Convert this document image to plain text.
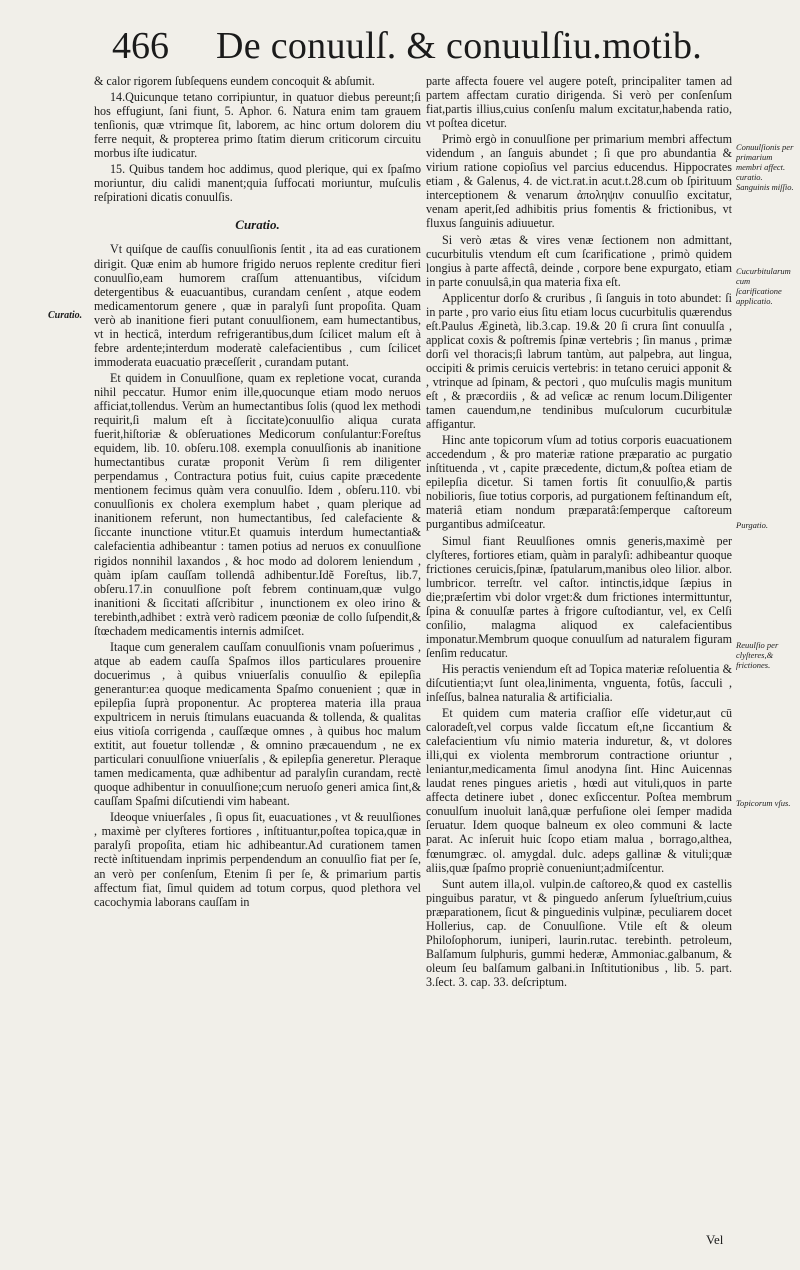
466 De conuulſ. & conuulſiu.motib.

& calor rigorem ſubſequens eundem concoquit & abſumit.

14.Quicunque tetano corripiuntur, in quatuor diebus pereunt;ſi hos effugiunt, ſani fiunt, 5. Aphor. 6. Natura enim tam grauem tenſionis, quæ vtrimque ſit, laborem, ac hinc ortum dolorem diu ferre nequit, & propterea primo ſtatim dierum criticorum circuitu morbus iſte iudicatur.

15. Quibus tandem hoc addimus, quod plerique, qui ex ſpaſmo moriuntur, diu calidi manent;quia ſuffocati moriuntur, muſculis reſpirationi dicatis conuulſis.

Curatio.

Vt quiſque de cauſſis conuulſionis ſentit , ita ad eas curationem dirigit. Quæ enim ab humore frigido neruos replente creditur fieri conuulſio,eam humorem craſſum attenuantibus, viſcidum detergentibus & euacuantibus, curandam cenſent , atque eodem medicamentorum genere , quæ in paralyſi ſunt propoſita. Quam verò ab inanitione fieri putant conuulſionem, eam humectantibus, vt in hecticâ, interdum refrigerantibus,dum ſcilicet malum eſt à febre ardente;interdum moderatè calefacientibus , cum ſcilicet immoderata euacuatio præceſſerit , curandam putant.

Et quidem in Conuulſione, quam ex repletione vocat, curanda nihil peccatur. Humor enim ille,quocunque etiam modo neruos afficiat,tollendus. Verùm an humectantibus ſolis (quod lex methodi requirit,ſi malum eſt à ſiccitate)conuulſio aliqua curata fuerit,hiſtoriæ & obſeruationes Medicorum conſulantur:Foreſtus equidem, lib. 10. obſeru.108. exempla conuulſionis ab inanitione humectantibus curatæ proponit Verùm ſi rem diligenter perpendamus , Contractura potius fuit, cuius capite præcedente mentionem fecimus quàm vera conuulſio. Idem , obſeru.110. vbi conuulſionis ex cholera exemplum habet , quam plerique ad inanitionem referunt, non humectantibus, ſed calefaciente & ſiccante inunctione vtitur.Et quamuis interdum humectantia& calefacientia adhibeantur : tamen potius ad neruos ex conuulſione rigidos nonnihil laxandos , & hoc modo ad dolorem leniendum , quàm ipſam cauſſam tollendâ adhibentur.Idẽ Foreſtus, lib.7, obſeru.17.in conuulſione poſt febrem continuam,quæ vulgo inanitioni & ſiccitati aſſcribitur , inunctionem ex oleo irino & terebinth,adhibet : extrà verò radicem pœoniæ de collo ſuſpendit,& ſtœchadem medicamentis internis admiſcet.

Itaque cum generalem cauſſam conuulſionis vnam poſuerimus , atque ab eadem cauſſa Spaſmos illos particulares prouenire docuerimus , à quibus vniuerſalis conuulſio & epilepſia generantur:ea quoque medicamenta Spaſmo conuenient ; quæ in epilepſia ſuprà proponentur. Ac propterea materia illa praua expultricem in neruis ſtimulans euacuanda & tollenda, & qualitas eius vitioſa corrigenda , cauſſæque omnes , à quibus hoc malum extitit, aut fouetur tollendæ , & omnino præcauendum , ne ex particulari conuulſione vniuerſalis , & epilepſia generetur. Pleraque tamen medicamenta, quæ adhibentur ad paralyſin curandam, rectè quoque adhibentur in conuulſione;cum neruoſo generi amica ſint,& cauſſam Spaſmi diſcutiendi vim habeant.

Ideoque vniuerſales , ſi opus ſit, euacuationes , vt & reuulſiones , maximè per clyſteres fortiores , inſtituantur,poſtea topica,quæ in paralyſi propoſita, etiam hic adhibeantur.Ad curationem tamen rectè inſtituendam inprimis perpendendum an conuulſio fiat per ſe, an verò per conſenſum, Etenim ſi per ſe, & primarium partis affectum fiat, ſimul quidem ad totum corpus, quod plethora vel cacochymia laborans cauſſam in

Curatio.

parte affecta fouere vel augere poteſt, principaliter tamen ad partem affectam curatio dirigenda. Si verò per conſenſum fiat,partis illius,cuius conſenſu malum excitatur,habenda ratio, vt poſtea dicetur.

Primò ergò in conuulſione per primarium membri affectum videndum , an ſanguis abundet ; ſi que pro abundantia & virium ratione copioſius vel parcius educendus. Hippocrates etiam , & Galenus, 4. de vict.rat.in acut.t.28.cum ob ſpirituum interceptionem & venarum ἀποληψιν conuulſio excitatur, venam aperit,ſed adhibitis prius fomentis & frictionibus, vt fluxus ſanguinis adiuuetur.

Si verò ætas & vires venæ ſectionem non admittant, cucurbitulis vtendum eſt cum ſcarificatione , primò quidem longius à parte affectâ, deinde , corpore bene expurgato, etiam in parte conuulsâ,in qua materia fixa eſt.

Applicentur dorſo & cruribus , ſi ſanguis in toto abundet: ſi in parte , pro vario eius ſitu etiam locus cucurbitulis quærendus eſt.Paulus Æginetà, lib.3.cap. 19.& 20 ſi crura ſint conuulſa , applicat coxis & poſtremis ſpinæ vertebris ; ſin manus , primæ dorſi vel thoracis;ſi labrum tantùm, aut palpebra, aut lingua, occipiti & primis ceruicis vertebris: in tetano ceruici apponit & , vtrinque ad ſpinam, & pectori , quo muſculis magis munitum eſt , & præcordiis , & ad veſicæ ac renum locum.Diligenter tamen cauendum,ne tendinibus muſculorum cucurbitulæ affigantur.

Hinc ante topicorum vſum ad totius corporis euacuationem accedendum , & pro materiæ ratione præparatio ac purgatio inſtituenda , vt , capite præcedente, dictum,& poſtea etiam de epilepſia dicetur. Si tamen fortis ſit conuulſio,& partis nobilioris, ſiue totius corporis, ad purgationem feſtinandum eſt, materiâ etiam nondum præparatâ:ſemperque caſtoreum purgantibus admiſceatur.

Simul fiant Reuulſiones omnis generis,maximè per clyſteres, fortiores etiam, quàm in paralyſi: adhibeantur quoque frictiones ceruicis,ſpinæ, ſpatularum,manibus oleo lilior. albor. lumbricor. terreſtr. vel caſtor. intinctis,idque ſæpius in die;præſertim vbi dolor vrget:& dum frictiones intermittuntur, ſpina & conuulſæ partes à frigore cuſtodiantur, vel, ex Celſi conſilio, malagma aliquod ex calefacientibus imponatur.Membrum quoque conuulſum ad naturalem figuram ſenſim reducatur.

His peractis veniendum eſt ad Topica materiæ reſoluentia & diſcutientia;vt ſunt olea,linimenta, vnguenta, fotûs, ſacculi , inſeſſus, balnea naturalia & artificialia.

Et quidem cum materia craſſior eſſe videtur,aut cū caloradeſt,vel corpus valde ſiccatum eſt,ne ſiccantium & calefacientium vſu nimio materia induretur, &, vt dolores illi,qui ex violenta membrorum contractione oriuntur , leniantur,medicamenta ſimul anodyna ſint. Hinc Auicennas laudat renes pingues arietis , hœdi aut vituli,quos in parte affecta detinere iubet , donec exſiccentur. Poſtea membrum conuulſum inuoluit lanâ,quæ perfuſione olei ſemper madida ſeruatur. Idem quoque balneum ex oleo communi & lacte parat. Ac inſeruit huic ſcopo etiam malua , borrago,althea, fœnumgræc. ol. amygdal. dulc. adeps gallinæ & vituli;quæ aliis,quæ ſpaſmo propriè conueniunt;admiſcentur.

Sunt autem illa,ol. vulpin.de caſtoreo,& quod ex castellis pinguibus paratur, vt & pinguedo anſerum ſylueſtrium,cuius præparationem, ſicut & pinguedinis vulpinæ, peculiarem docet Hollerius, cap. de Conuulſione. Vtile eſt & oleum Philoſophorum, iuniperi, laurin.rutac. terebinth. petroleum, Balſamum ſulphuris, gummi hederæ, Ammoniac.galbanum, & oleum ſeu balſamum galbani.in Inſtitutionibus , lib. 5. part. 3.ſect. 3. cap. 33. deſcriptum.

Conuulſionis per primarium membri affect. curatio. Sanguinis miſſio.
Cucurbitularum cum ſcarificatione applicatio.
Purgatio.
Reuulſio per clyſteres,& frictiones.
Topicorum vſus.
Vel
